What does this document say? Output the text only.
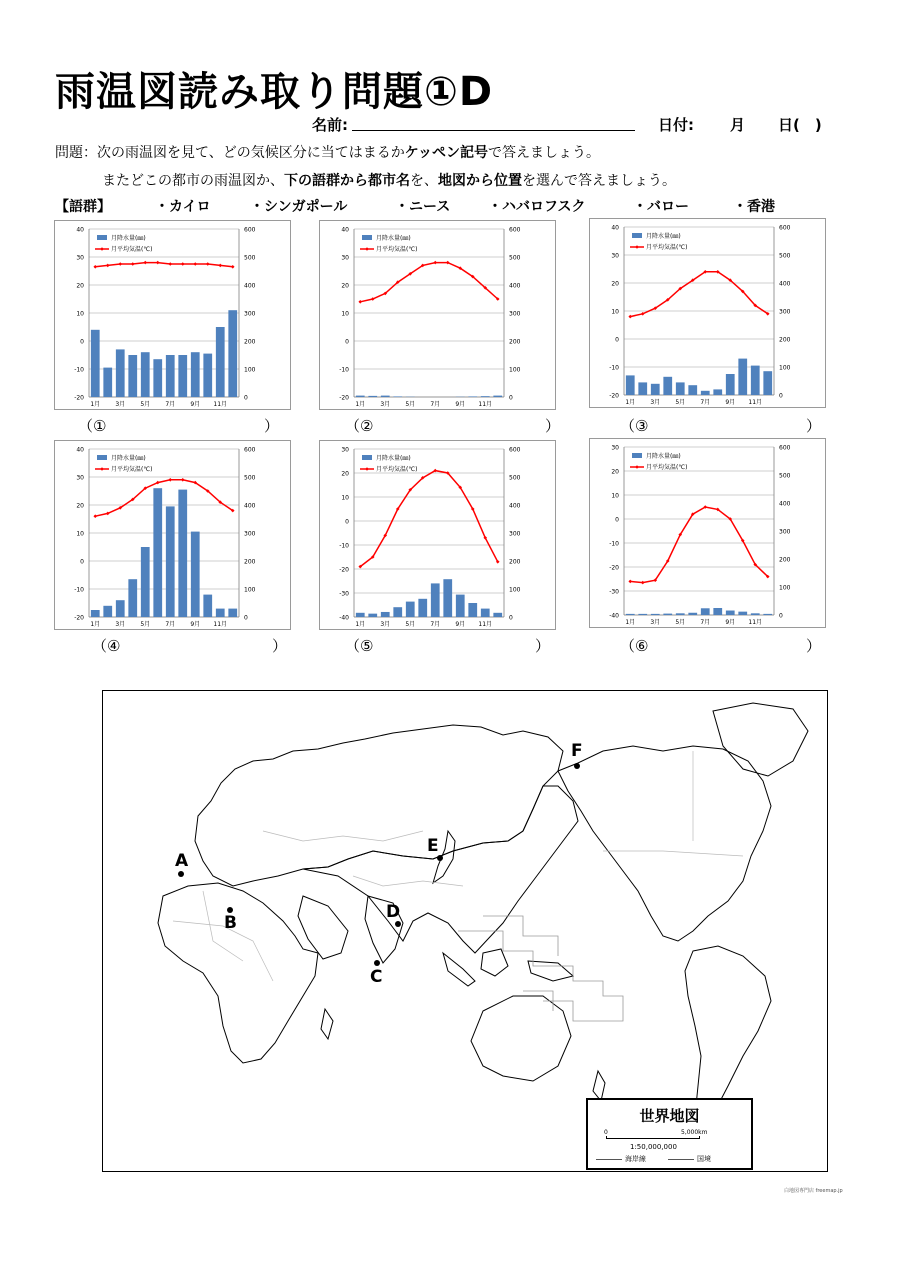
雨温図読み取り問題①D
名前:	日付: 月 日(　)
問題：次の雨温図を見て、どの気候区分に当てはまるかケッペン記号で答えましょう。
またどこの都市の雨温図か、下の語群から都市名を、地図から位置を選んで答えましょう。
【語群】	・カイロ	・シンガポール	・ニース	・ハバロフスク	・バロー	・香港
-20
-10
0
10
20
30
40
0
100
200
300
400
500
600
1月	3月	5月	7月	9月 11月
月降水量(㎜)
月平均気温(℃)
-20
-10
0
10
20
30
40
0
100
200
300
400
500
600
1月	3月	5月	7月	9月 11月
月降水量(㎜)
月平均気温(℃)
-20
-10
0
10
20
30
40
0
100
200
300
400
500
600
1月	3月	5月	7月	9月 11月
月降水量(㎜)
月平均気温(℃)
-20
-10
0
10
20
30
40
0
100
200
300
400
500
600
1月	3月	5月	7月	9月 11月
月降水量(㎜)
月平均気温(℃)
-40
-30
-20
-10
0
10
20
30
0
100
200
300
400
500
600
1月	3月	5月	7月	9月 11月
月降水量(㎜)
月平均気温(℃)
-40
-30
-20
-10
0
10
20
30
0
100
200
300
400
500
600
1月	3月	5月	7月	9月 11月
月降水量(㎜)
月平均気温(℃)
（①	）	（②	）	（③	）
（④	）	（⑤	）	（⑥	）
A
B
C
D
E
F
世界地図
0	5,000km
1:50,000,000
海岸線	国境
白地図専門店 freemap.jp
